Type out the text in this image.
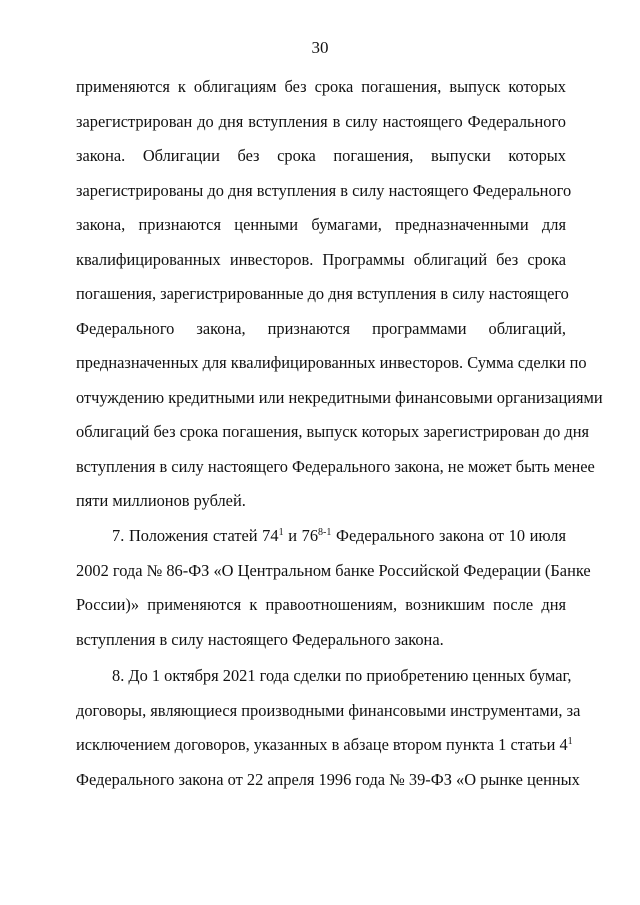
30
применяются к облигациям без срока погашения, выпуск которых
зарегистрирован до дня вступления в силу настоящего Федерального
закона. Облигации без срока погашения, выпуски которых
зарегистрированы до дня вступления в силу настоящего Федерального
закона, признаются ценными бумагами, предназначенными для
квалифицированных инвесторов. Программы облигаций без срока
погашения, зарегистрированные до дня вступления в силу настоящего
Федерального закона, признаются программами облигаций,
предназначенных для квалифицированных инвесторов. Сумма сделки по
отчуждению кредитными или некредитными финансовыми организациями
облигаций без срока погашения, выпуск которых зарегистрирован до дня
вступления в силу настоящего Федерального закона, не может быть менее
пяти миллионов рублей.
7. Положения статей $74^1$ и 76$^{8-1}$ Федерального закона от 10 июля
2002 года № 86-ФЗ «О Центральном банке Российской Федерации (Банке
России)» применяются к правоотношениям, возникшим после дня
вступления в силу настоящего Федерального закона.
8. До 1 октября 2021 года сделки по приобретению ценных бумаг,
договоры, являющиеся производными финансовыми инструментами, за
исключением договоров, указанных в абзаце втором пункта 1 статьи $4^1$
Федерального закона от 22 апреля 1996 года № 39-ФЗ «О рынке ценных
